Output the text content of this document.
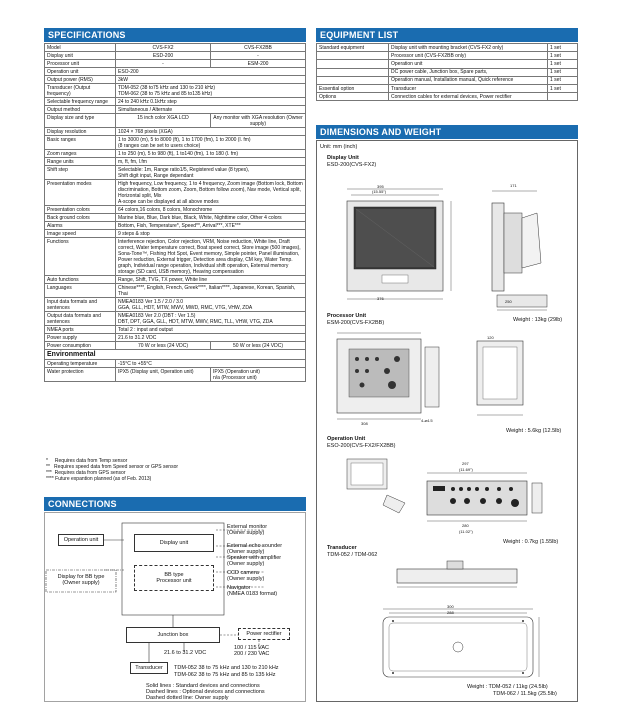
SPECIFICATIONS
Model	CVS-FX2	CVS-FX2BB
Display unit	ESD-200	-
Processor unit	-	ESM-200
Operation unit	ESO-200	
Output power (RMS)	3kW	
Transducer (Output frequency)	TDM-052 (38 to75 kHz and 130 to 210 kHz)
TDM-062 (38 to 75 kHz and 85 to135 kHz)	
Selectable frequency range	24 to 240 kHz 0.1kHz step	
Output method	Simultaneous / Alternate	
Display size and type	15 inch color XGA LCD	Any monitor with XGA resolution (Owner supply)
Display resolution	1024 × 768 pixels (XGA)	
Basic ranges	1 to 3000 (m), 5 to 8000 (ft), 1 to 1700 (fm), 1 to 2000 (l. fm)
(8 ranges can be set to users choice)	
Zoom ranges	1 to 250 (m), 5 to 980 (ft), 1 to140 (fm), 1 to 180 (l. fm)	
Range units	m, ft, fm, l.fm	
Shift step	Selectable: 1m, Range ratio1/5, Registered value (8 types),
Shift digit input, Range dependant	
Presentation modes	High frequency, Low frequency, 1 to 4 frequency, Zoom image (Bottom lock, Bottom discrimination, Bottom zoom, Zoom, Bottom follow zoom), Nav mode, Vertical split, Horizontal split, Mix
A-scope can be displayed at all above modes	
Presentation colors	64 colors,16 colors, 8 colors, Monochrome	
Back ground colors	Marine blue, Blue, Dark blue, Black, White, Nighttime color, Other 4 colors	
Alarms	Bottom, Fish, Temperature*, Speed**, Arrival***, XTE***	
Image speed	9 steps & stop	
Functions	Interference rejection, Color rejection, VRM, Noise reduction, White line, Draft correct, Water temperature correct, Boat speed correct, Store image (500 images), Sona-Tone™, Fishing Hot Spot, Event memory, Simple pointer, Panel illumination, Power reduction, External trigger, Detection area display, CM key, Water Temp. graph, Individual range operation, Individual shift operation, External memory storage (SD card, USB memory), Heaving compensation	
Auto functions	Range, Shift, TVG, TX power, White line	
Languages	Chinese****, English, French, Greek****, Italian****, Japanese, Korean, Spanish, Thai	
Input data formats and sentences	NMEA0183 Ver 1.5 / 2.0 / 3.0
GGA, GLL, HDT, MTW, MWV, MWD, RMC, VTG, VHW, ZDA	
Output data formats and sentences	NMEA0183 Ver 2.0 (DBT : Ver 1.5)
DBT, DPT, GGA, GLL, HDT, MTW, MWV, RMC, TLL, VHW, VTG, ZDA	
NMEA ports	Total 2 : input and output	
Power supply	21.6 to 31.2 VDC	
Power consumption	70 W or less (24 VDC)	50 W or less (24 VDC)
Environmental
Operating temperature	-15°C to +55°C	
Water protection	IPX5 (Display unit, Operation unit)	IPX5 (Operation unit)
n/a (Processor unit)
*     Requires data from Temp sensor
**   Requires speed data from Speed sensor or GPS sensor
***  Requires data from GPS sensor
**** Future expantion planned (as of Feb. 2013)
CONNECTIONS
Operation unit	Display unit
Display for BB type
(Owner supply)
BB type
Processor unit
Junction box	Power rectifier
Transducer
External monitor
(Owner supply)
External echo sounder
(Owner supply)
Speaker with amplifier
(Owner supply)
CCD camera
(Owner supply)
Navigator
(NMEA 0183 format)
21.6 to 31.2 VDC
100 / 115 VAC
200 / 230 VAC
TDM-052 38 to 75 kHz and 130 to 210 kHz
TDM-062 38 to 75 kHz and 85 to 135 kHz
Solid lines : Standard devices and connections
Dashed lines : Optional devices and connections
Dashed dotted line: Owner supply
EQUIPMENT LIST
Standard equipment	Display unit with mounting bracket (CVS-FX2 only)	1 set
	Processor unit (CVS-FX2BB only)	1 set
	Operation unit	1 set
	DC power cable, Junction box, Spare parts,	1 set
	Operation manual, Installation manual, Quick reference	1 set
Essential option	Transducer	1 set
Options	Connection cables for external devices, Power rectifier	
DIMENSIONS AND WEIGHT
Unit: mm (inch)
Display Unit
ESD-200(CVS-FX2)
395
(15.55")
376
171
250
Weight : 13kg (29lb)
Processor Unit
ESM-200(CVS-FX2BB)
308
120
4-ø4.5
Weight : 5.6kg (12.5lb)
Operation Unit
ESO-200(CVS-FX2/FX2BB)
297
(11.69")
280
(11.02")
Weight : 0.7kg (1.55lb)
Transducer
TDM-052 / TDM-062
300
288
Weight : TDM-052 / 11kg (24.5lb)
TDM-062 / 11.5kg (25.5lb)
